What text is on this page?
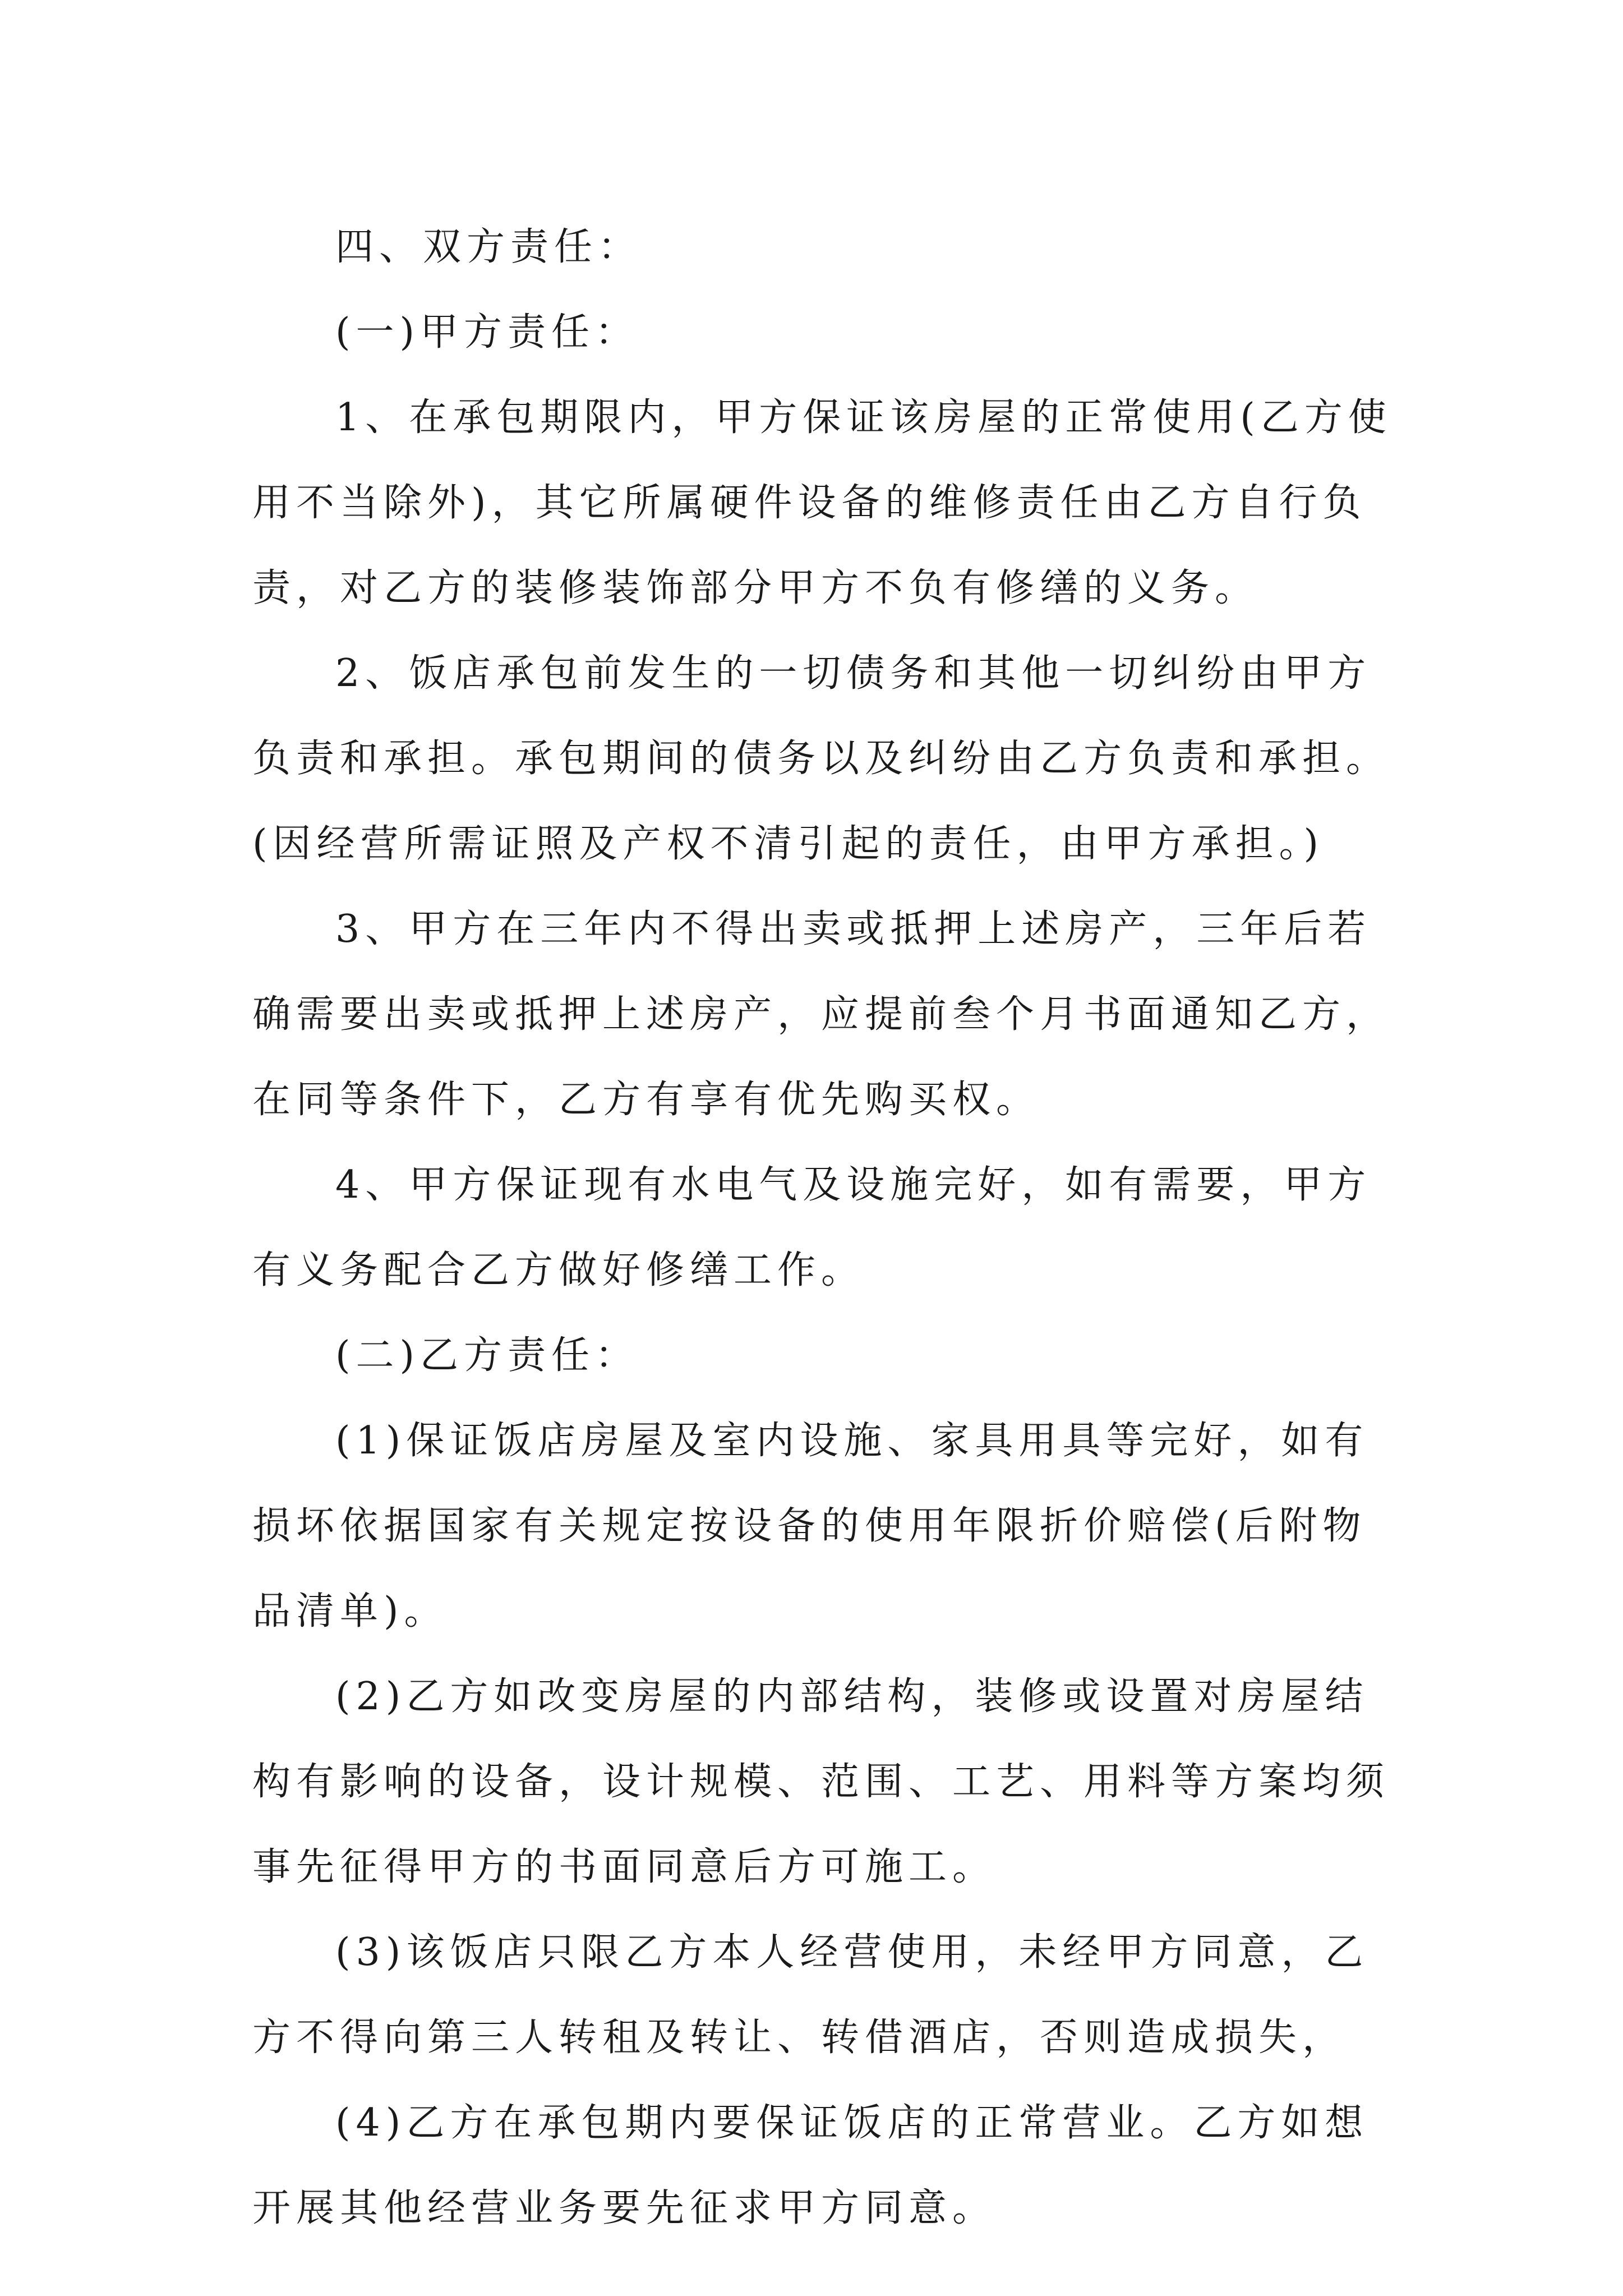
四、双方责任：
(一)甲方责任：
1、在承包期限内，甲方保证该房屋的正常使用(乙方使
用不当除外)，其它所属硬件设备的维修责任由乙方自行负
责，对乙方的装修装饰部分甲方不负有修缮的义务。
2、饭店承包前发生的一切债务和其他一切纠纷由甲方
负责和承担。承包期间的债务以及纠纷由乙方负责和承担。
(因经营所需证照及产权不清引起的责任，由甲方承担。)
3、甲方在三年内不得出卖或抵押上述房产，三年后若
确需要出卖或抵押上述房产，应提前叁个月书面通知乙方，
在同等条件下，乙方有享有优先购买权。
4、甲方保证现有水电气及设施完好，如有需要，甲方
有义务配合乙方做好修缮工作。
(二)乙方责任：
(1)保证饭店房屋及室内设施、家具用具等完好，如有
损坏依据国家有关规定按设备的使用年限折价赔偿(后附物
品清单)。
(2)乙方如改变房屋的内部结构，装修或设置对房屋结
构有影响的设备，设计规模、范围、工艺、用料等方案均须
事先征得甲方的书面同意后方可施工。
(3)该饭店只限乙方本人经营使用，未经甲方同意，乙
方不得向第三人转租及转让、转借酒店，否则造成损失，
(4)乙方在承包期内要保证饭店的正常营业。乙方如想
开展其他经营业务要先征求甲方同意。
